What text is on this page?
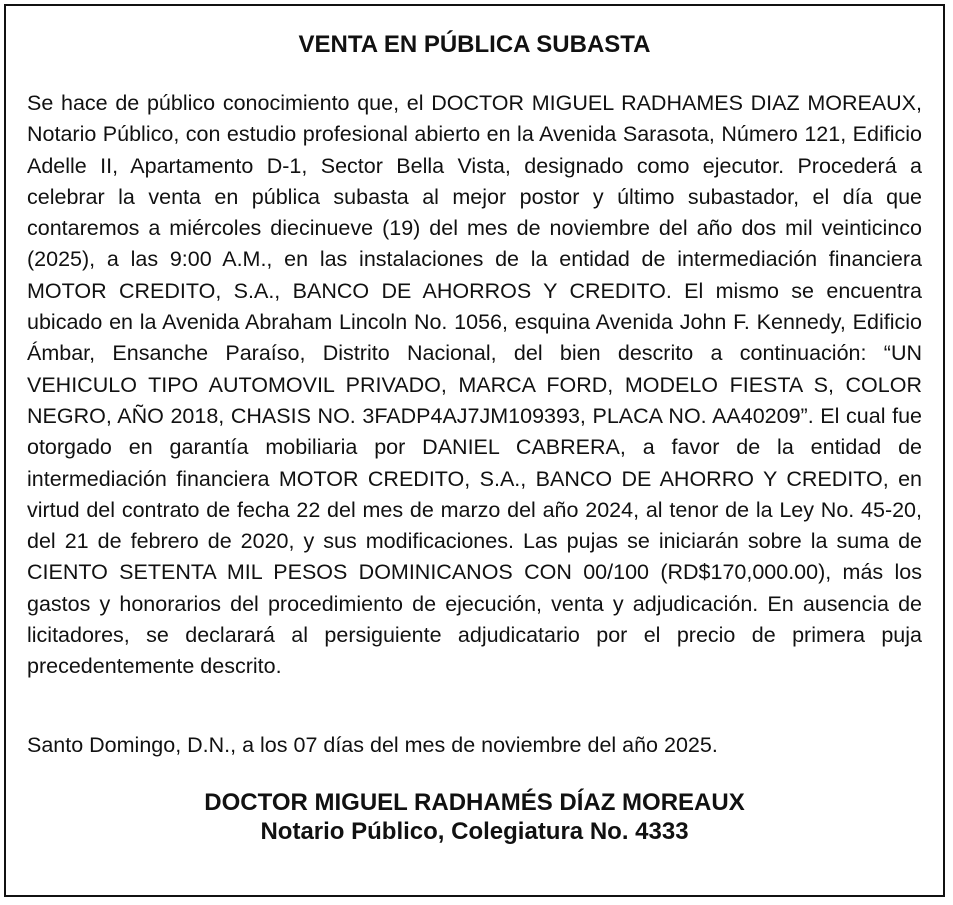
VENTA EN PÚBLICA SUBASTA

Se hace de público conocimiento que, el DOCTOR MIGUEL RADHAMES DIAZ MOREAUX, Notario Público, con estudio profesional abierto en la Avenida Sarasota, Número 121, Edificio Adelle II, Apartamento D-1, Sector Bella Vista, designado como ejecutor. Procederá a celebrar la venta en pública subasta al mejor postor y último subastador, el día que contaremos a miércoles diecinueve (19) del mes de noviembre del año dos mil veinticinco (2025), a las 9:00 A.M., en las instalaciones de la entidad de intermediación financiera MOTOR CREDITO, S.A., BANCO DE AHORROS Y CREDITO. El mismo se encuentra ubicado en la Avenida Abraham Lincoln No. 1056, esquina Avenida John F. Kennedy, Edificio Ámbar, Ensanche Paraíso, Distrito Nacional, del bien descrito a continuación: “UN VEHICULO TIPO AUTOMOVIL PRIVADO, MARCA FORD, MODELO FIESTA S, COLOR NEGRO, AÑO 2018, CHASIS NO. 3FADP4AJ7JM109393, PLACA NO. AA40209”. El cual fue otorgado en garantía mobiliaria por DANIEL CABRERA, a favor de la entidad de intermediación financiera MOTOR CREDITO, S.A., BANCO DE AHORRO Y CREDITO, en virtud del contrato de fecha 22 del mes de marzo del año 2024, al tenor de la Ley No. 45-20, del 21 de febrero de 2020, y sus modificaciones. Las pujas se iniciarán sobre la suma de CIENTO SETENTA MIL PESOS DOMINICANOS CON 00/100 (RD$170,000.00), más los gastos y honorarios del procedimiento de ejecución, venta y adjudicación. En ausencia de licitadores, se declarará al persiguiente adjudicatario por el precio de primera puja precedentemente descrito.

Santo Domingo, D.N., a los 07 días del mes de noviembre del año 2025.

DOCTOR MIGUEL RADHAMÉS DÍAZ MOREAUX
Notario Público, Colegiatura No. 4333
